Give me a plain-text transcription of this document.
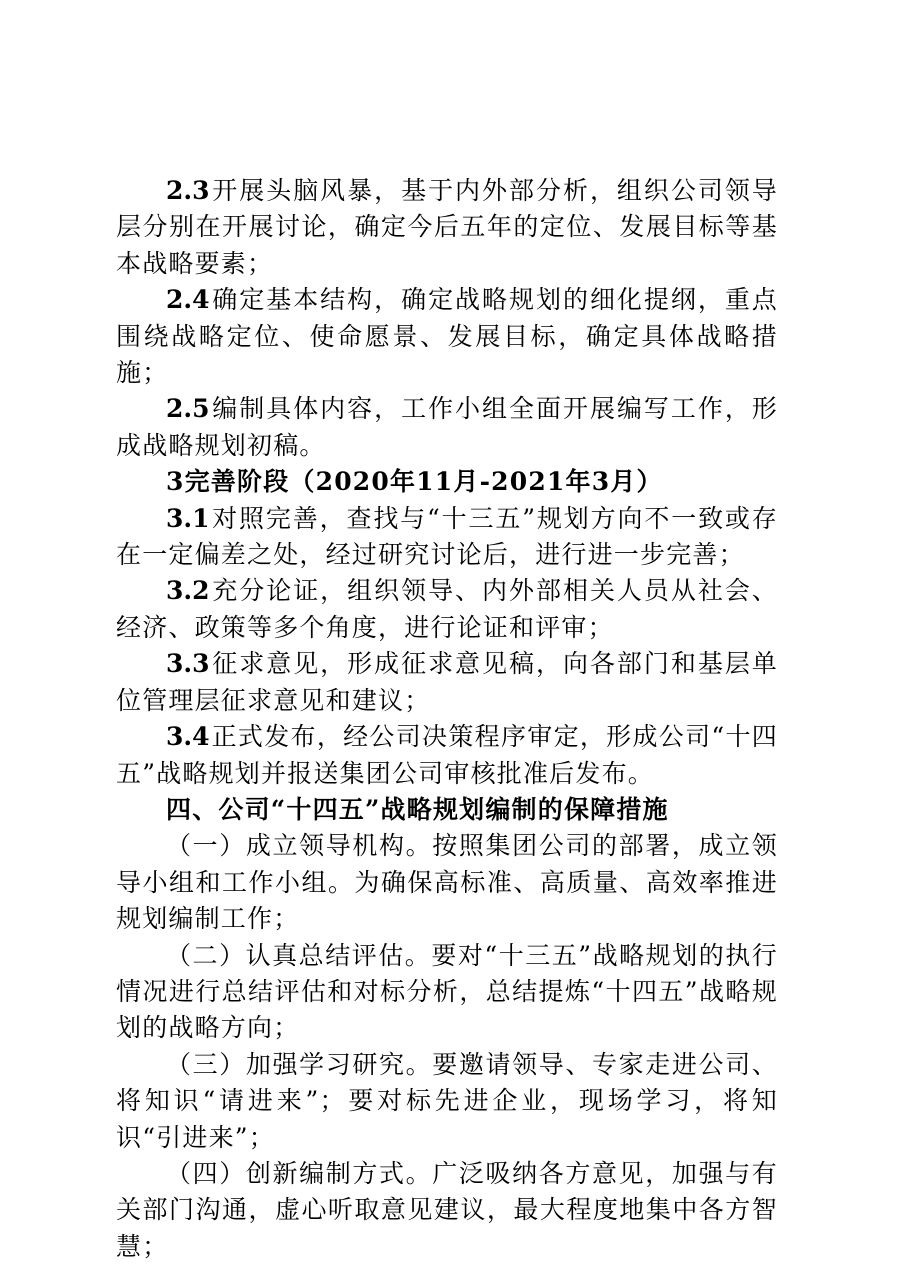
2.3开展头脑风暴，基于内外部分析，组织公司领导层分别在开展讨论，确定今后五年的定位、发展目标等基本战略要素；

2.4确定基本结构，确定战略规划的细化提纲，重点围绕战略定位、使命愿景、发展目标，确定具体战略措施；

2.5编制具体内容，工作小组全面开展编写工作，形成战略规划初稿。

3完善阶段（2020年11月-2021年3月）

3.1对照完善，查找与“十三五”规划方向不一致或存在一定偏差之处，经过研究讨论后，进行进一步完善；

3.2充分论证，组织领导、内外部相关人员从社会、经济、政策等多个角度，进行论证和评审；

3.3征求意见，形成征求意见稿，向各部门和基层单位管理层征求意见和建议；

3.4正式发布，经公司决策程序审定，形成公司“十四五”战略规划并报送集团公司审核批准后发布。

四、公司“十四五”战略规划编制的保障措施

（一）成立领导机构。按照集团公司的部署，成立领导小组和工作小组。为确保高标准、高质量、高效率推进规划编制工作；

（二）认真总结评估。要对“十三五”战略规划的执行情况进行总结评估和对标分析，总结提炼“十四五”战略规划的战略方向；

（三）加强学习研究。要邀请领导、专家走进公司、将知识“请进来”；要对标先进企业，现场学习，将知识“引进来”；

（四）创新编制方式。广泛吸纳各方意见，加强与有关部门沟通，虚心听取意见建议，最大程度地集中各方智慧；
